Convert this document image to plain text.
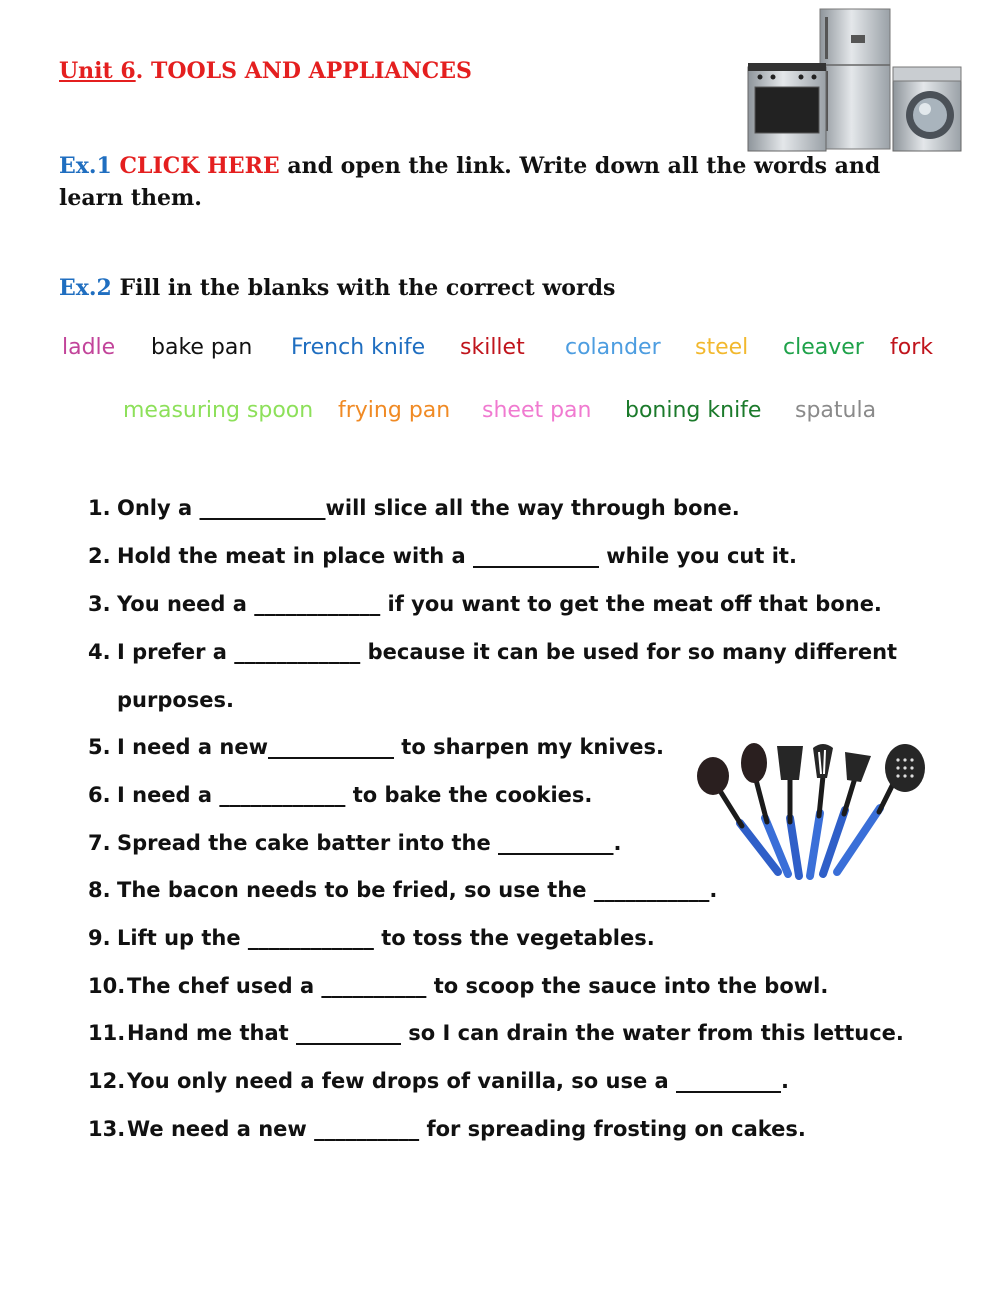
Unit 6. TOOLS AND APPLIANCES
Ex.1 CLICK HERE and open the link. Write down all the words and learn them.
Ex.2 Fill in the blanks with the correct words
ladle bake pan French knife skillet colander steel cleaver fork
measuring spoon frying pan sheet pan boning knife spatula
1. Only a ____________will slice all the way through bone.
2. Hold the meat in place with a ____________ while you cut it.
3. You need a ____________ if you want to get the meat off that bone.
4. I prefer a ____________ because it can be used for so many different
5. I need a new____________ to sharpen my knives.
6. I need a ____________ to bake the cookies.
7. Spread the cake batter into the ___________.
8. The bacon needs to be fried, so use the ___________.
9. Lift up the ____________ to toss the vegetables.
10.The chef used a __________ to scoop the sauce into the bowl.
11.Hand me that __________ so I can drain the water from this lettuce.
12.You only need a few drops of vanilla, so use a __________.
13.We need a new __________ for spreading frosting on cakes.
purposes.
